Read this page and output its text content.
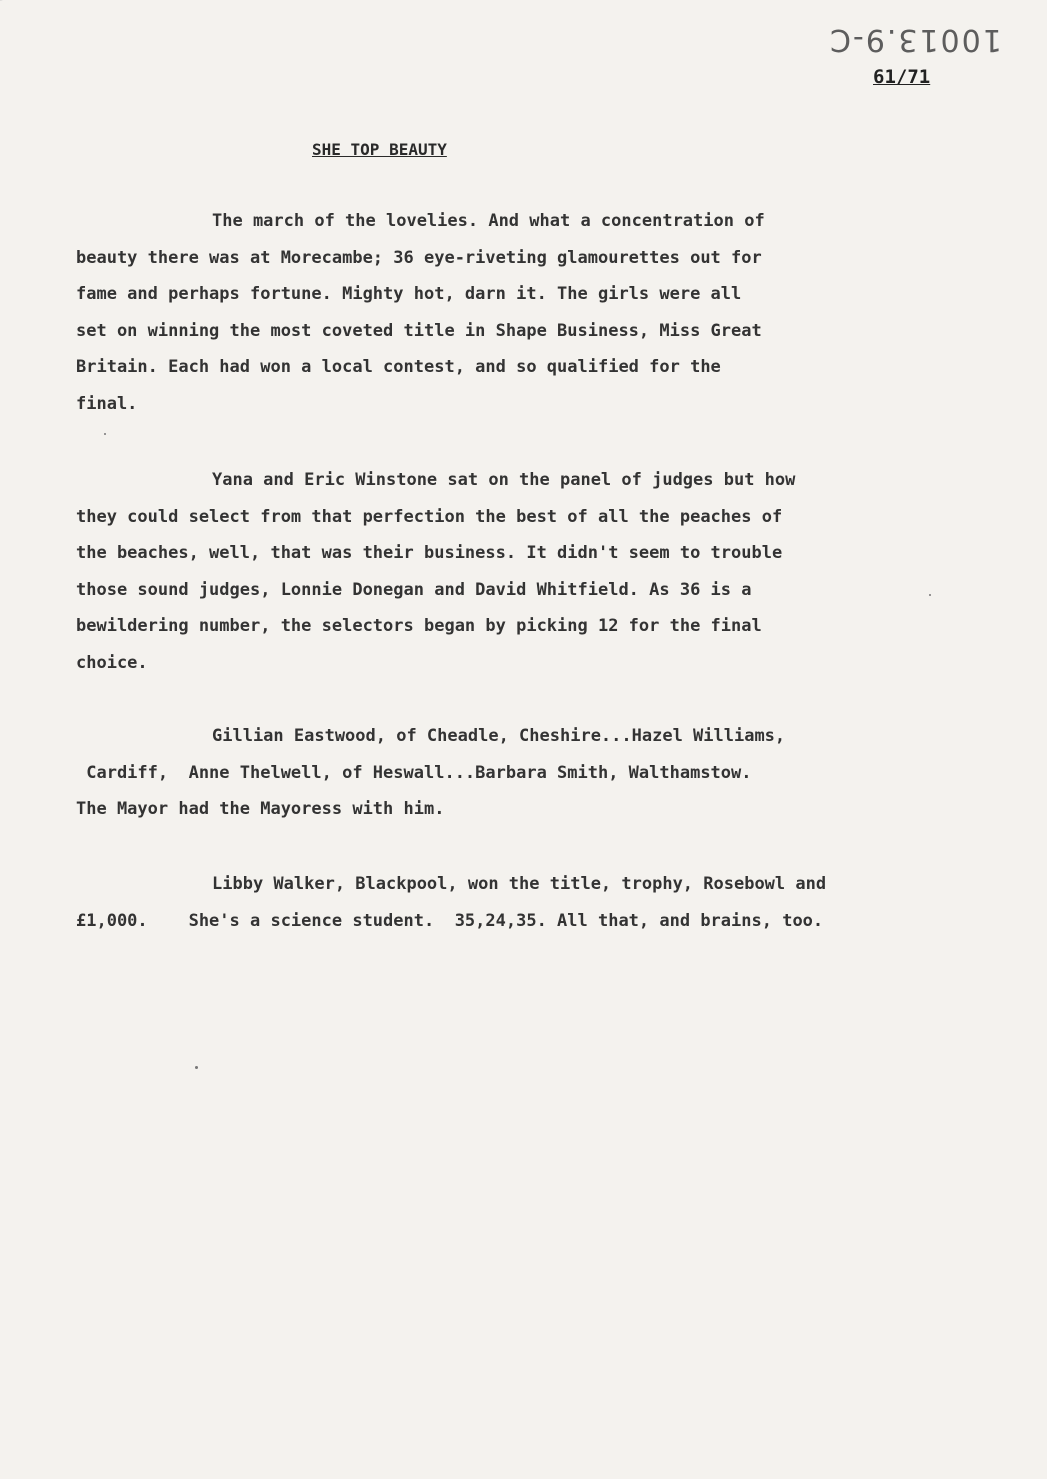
10013.9-C
61/71
SHE TOP BEAUTY

The march of the lovelies. And what a concentration of
beauty there was at Morecambe; 36 eye-riveting glamourettes out for
fame and perhaps fortune. Mighty hot, darn it. The girls were all
set on winning the most coveted title in Shape Business, Miss Great
Britain. Each had won a local contest, and so qualified for the
final.

Yana and Eric Winstone sat on the panel of judges but how
they could select from that perfection the best of all the peaches of
the beaches, well, that was their business. It didn't seem to trouble
those sound judges, Lonnie Donegan and David Whitfield. As 36 is a
bewildering number, the selectors began by picking 12 for the final
choice.

Gillian Eastwood, of Cheadle, Cheshire...Hazel Williams,
Cardiff,  Anne Thelwell, of Heswall...Barbara Smith, Walthamstow.
The Mayor had the Mayoress with him.

Libby Walker, Blackpool, won the title, trophy, Rosebowl and
£1,000.    She's a science student.  35,24,35. All that, and brains, too.
